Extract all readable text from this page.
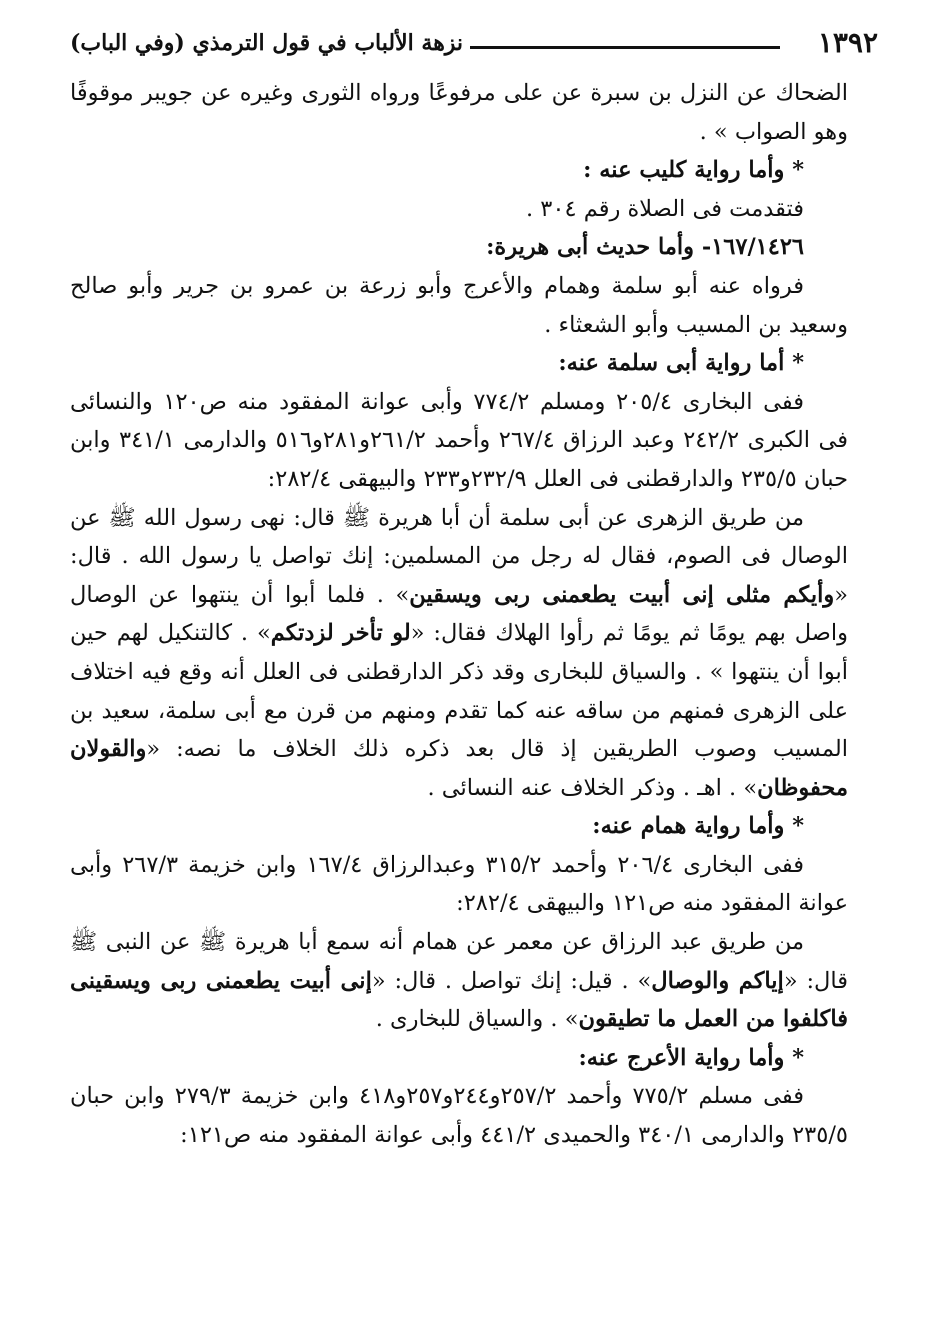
١٣٩٢
نزهة الألباب في قول الترمذي (وفي الباب)

الضحاك عن النزل بن سبرة عن على مرفوعًا ورواه الثورى وغيره عن جويبر موقوفًا وهو الصواب » .

* وأما رواية كليب عنه :

فتقدمت فى الصلاة رقم ٣٠٤ .

١٦٧/١٤٢٦- وأما حديث أبى هريرة:

فرواه عنه أبو سلمة وهمام والأعرج وأبو زرعة بن عمرو بن جرير وأبو صالح وسعيد بن المسيب وأبو الشعثاء .

* أما رواية أبى سلمة عنه:

ففى البخارى ٢٠٥/٤ ومسلم ٧٧٤/٢ وأبى عوانة المفقود منه ص١٢٠ والنسائى فى الكبرى ٢٤٢/٢ وعبد الرزاق ٢٦٧/٤ وأحمد ٢٦١/٢و٢٨١و٥١٦ والدارمى ٣٤١/١ وابن حبان ٢٣٥/٥ والدارقطنى فى العلل ٢٣٢/٩و٢٣٣ والبيهقى ٢٨٢/٤:

من طريق الزهرى عن أبى سلمة أن أبا هريرة ﷺ قال: نهى رسول الله ﷺ عن الوصال فى الصوم، فقال له رجل من المسلمين: إنك تواصل يا رسول الله . قال: «وأيكم مثلى إنى أبيت يطعمنى ربى ويسقين» . فلما أبوا أن ينتهوا عن الوصال واصل بهم يومًا ثم يومًا ثم رأوا الهلاك فقال: «لو تأخر لزدتكم» . كالتنكيل لهم حين أبوا أن ينتهوا » . والسياق للبخارى وقد ذكر الدارقطنى فى العلل أنه وقع فيه اختلاف على الزهرى فمنهم من ساقه عنه كما تقدم ومنهم من قرن مع أبى سلمة، سعيد بن المسيب وصوب الطريقين إذ قال بعد ذكره ذلك الخلاف ما نصه: «والقولان محفوظان» . اهـ . وذكر الخلاف عنه النسائى .

* وأما رواية همام عنه:

ففى البخارى ٢٠٦/٤ وأحمد ٣١٥/٢ وعبدالرزاق ١٦٧/٤ وابن خزيمة ٢٦٧/٣ وأبى عوانة المفقود منه ص١٢١ والبيهقى ٢٨٢/٤:

من طريق عبد الرزاق عن معمر عن همام أنه سمع أبا هريرة ﷺ عن النبى ﷺ قال: «إياكم والوصال» . قيل: إنك تواصل . قال: «إنى أبيت يطعمنى ربى ويسقينى فاكلفوا من العمل ما تطيقون» . والسياق للبخارى .

* وأما رواية الأعرج عنه:

ففى مسلم ٧٧٥/٢ وأحمد ٢٥٧/٢و٢٤٤و٢٥٧و٤١٨ وابن خزيمة ٢٧٩/٣ وابن حبان ٢٣٥/٥ والدارمى ٣٤٠/١ والحميدى ٤٤١/٢ وأبى عوانة المفقود منه ص١٢١:
